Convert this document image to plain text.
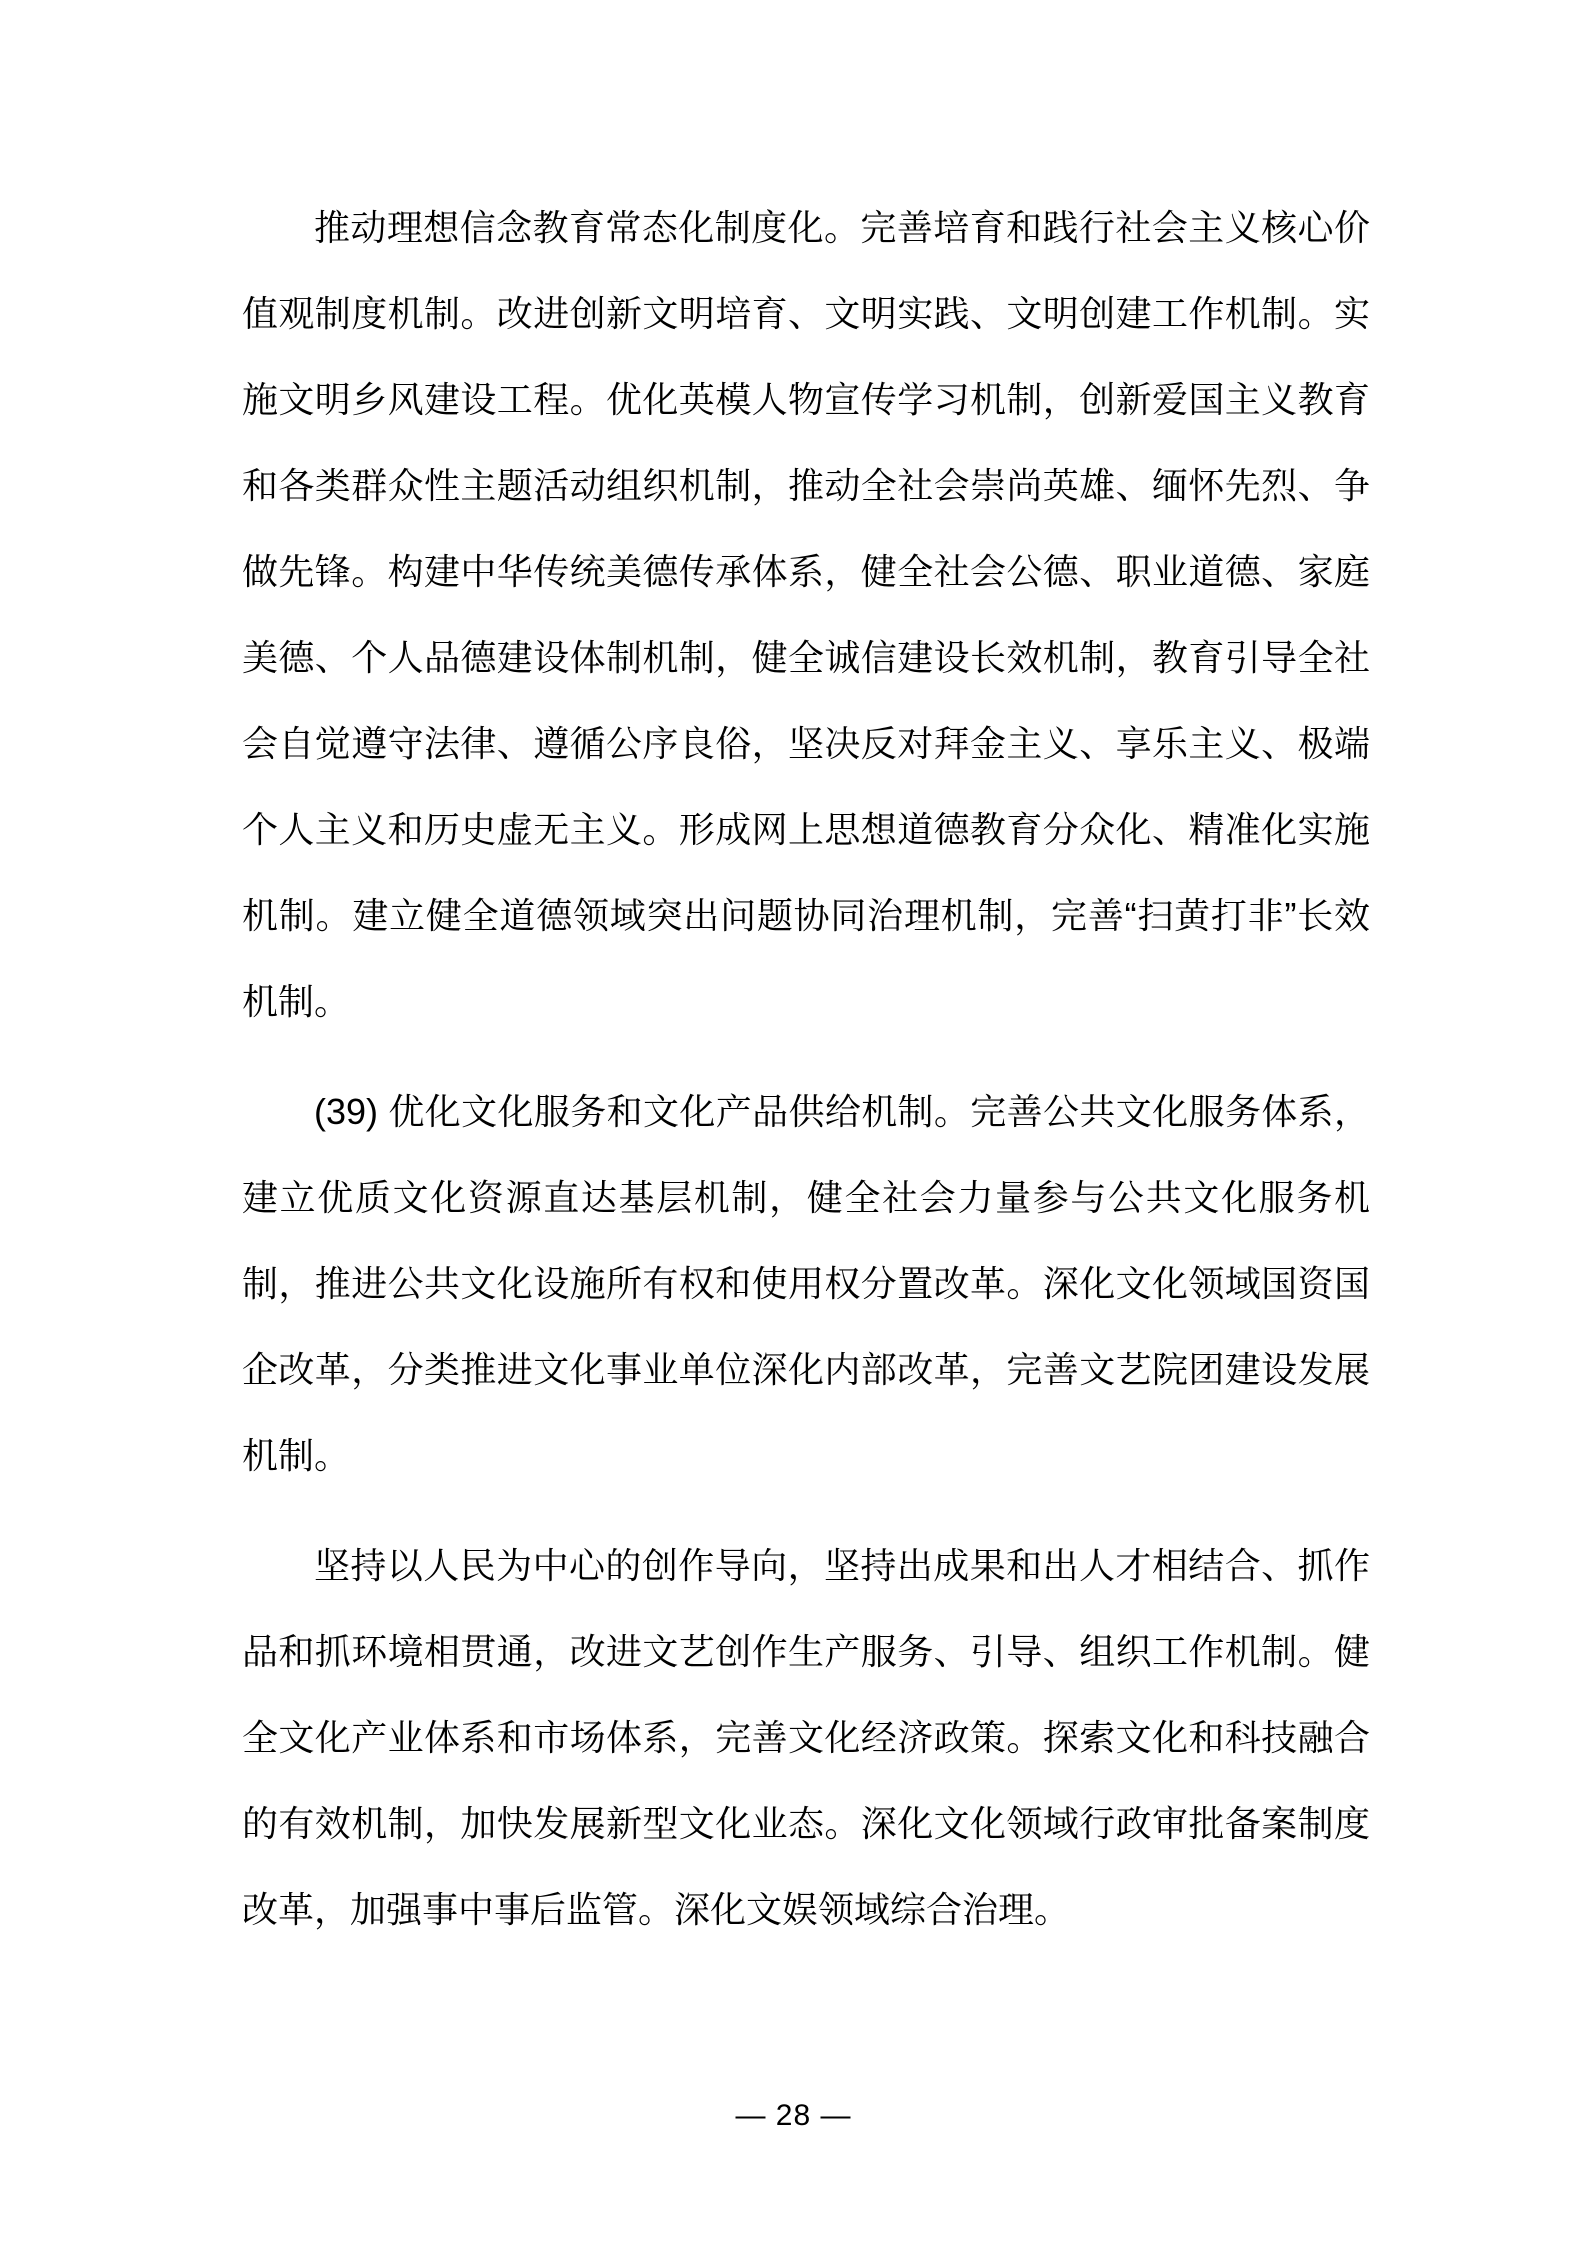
推动理想信念教育常态化制度化。完善培育和践行社会主义核心价值观制度机制。改进创新文明培育、文明实践、文明创建工作机制。实施文明乡风建设工程。优化英模人物宣传学习机制，创新爱国主义教育和各类群众性主题活动组织机制，推动全社会崇尚英雄、缅怀先烈、争做先锋。构建中华传统美德传承体系，健全社会公德、职业道德、家庭美德、个人品德建设体制机制，健全诚信建设长效机制，教育引导全社会自觉遵守法律、遵循公序良俗，坚决反对拜金主义、享乐主义、极端个人主义和历史虚无主义。形成网上思想道德教育分众化、精准化实施机制。建立健全道德领域突出问题协同治理机制，完善“扫黄打非”长效机制。

(39) 优化文化服务和文化产品供给机制。完善公共文化服务体系，建立优质文化资源直达基层机制，健全社会力量参与公共文化服务机制，推进公共文化设施所有权和使用权分置改革。深化文化领域国资国企改革，分类推进文化事业单位深化内部改革，完善文艺院团建设发展机制。

坚持以人民为中心的创作导向，坚持出成果和出人才相结合、抓作品和抓环境相贯通，改进文艺创作生产服务、引导、组织工作机制。健全文化产业体系和市场体系，完善文化经济政策。探索文化和科技融合的有效机制，加快发展新型文化业态。深化文化领域行政审批备案制度改革，加强事中事后监管。深化文娱领域综合治理。

— 28 —
